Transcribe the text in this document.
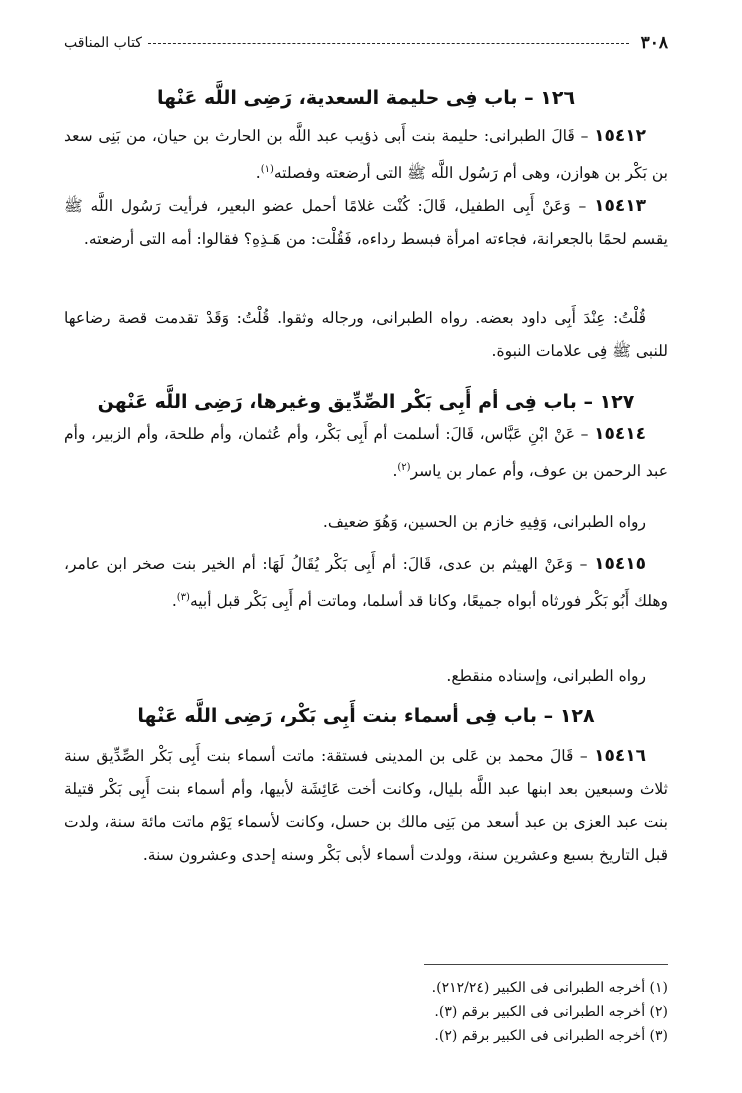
٣٠٨
كتاب المناقب
١٢٦ – باب فِى حليمة السعدية، رَضِى اللَّه عَنْها
١٥٤١٢ – قَالَ الطبرانى: حليمة بنت أَبى ذؤيب عبد اللَّه بن الحارث بن حيان، من بَنِى سعد بن بَكْر بن هوازن، وهى أم رَسُول اللَّه ﷺ التى أرضعته وفصلته$^{(١)}$.
١٥٤١٣ – وَعَنْ أَبِى الطفيل، قَالَ: كُنْت غلامًا أحمل عضو البعير، فرأيت رَسُول اللَّه ﷺ يقسم لحمًا بالجعرانة، فجاءته امرأة فبسط رداءه، فَقُلْت: من هَـذِهِ؟ فقالوا: أمه التى أرضعته.
قُلْتُ: عِنْدَ أَبِى داود بعضه. رواه الطبرانى، ورجاله وثقوا. قُلْتُ: وَقَدْ تقدمت قصة رضاعها للنبى ﷺ فِى علامات النبوة.
١٢٧ – باب فِى أم أَبِى بَكْر الصِّدِّيق وغيرها، رَضِى اللَّه عَنْهن
١٥٤١٤ – عَنْ ابْنِ عَبَّاس، قَالَ: أسلمت أم أَبِى بَكْر، وأم عُثمان، وأم طلحة، وأم الزبير، وأم عبد الرحمن بن عوف، وأم عمار بن ياسر$^{(٢)}$.
رواه الطبرانى، وَفِيهِ خازم بن الحسين، وَهُوَ ضعيف.
١٥٤١٥ – وَعَنْ الهيثم بن عدى، قَالَ: أم أَبِى بَكْر يُقَالُ لَهَا: أم الخير بنت صخر ابن عامر، وهلك أَبُو بَكْر فورثاه أبواه جميعًا، وكانا قد أسلما، وماتت أم أَبِى بَكْر قبل أبيه$^{(٣)}$.
رواه الطبرانى، وإسناده منقطع.
١٢٨ – باب فِى أسماء بنت أَبِى بَكْر، رَضِى اللَّه عَنْها
١٥٤١٦ – قَالَ محمد بن عَلى بن المدينى فستقة: ماتت أسماء بنت أَبِى بَكْر الصِّدِّيق سنة ثلاث وسبعين بعد ابنها عبد اللَّه بليال، وكانت أخت عَائِشَة لأبيها، وأم أسماء بنت أَبِى بَكْر قتيلة بنت عبد العزى بن عبد أسعد من بَنِى مالك بن حسل، وكانت لأسماء يَوْم ماتت مائة سنة، ولدت قبل التاريخ بسبع وعشرين سنة، وولدت أسماء لأبى بَكْر وسنه إحدى وعشرون سنة.
(١) أخرجه الطبرانى فى الكبير (٢١٢/٢٤).
(٢) أخرجه الطبرانى فى الكبير برقم (٣).
(٣) أخرجه الطبرانى فى الكبير برقم (٢).
